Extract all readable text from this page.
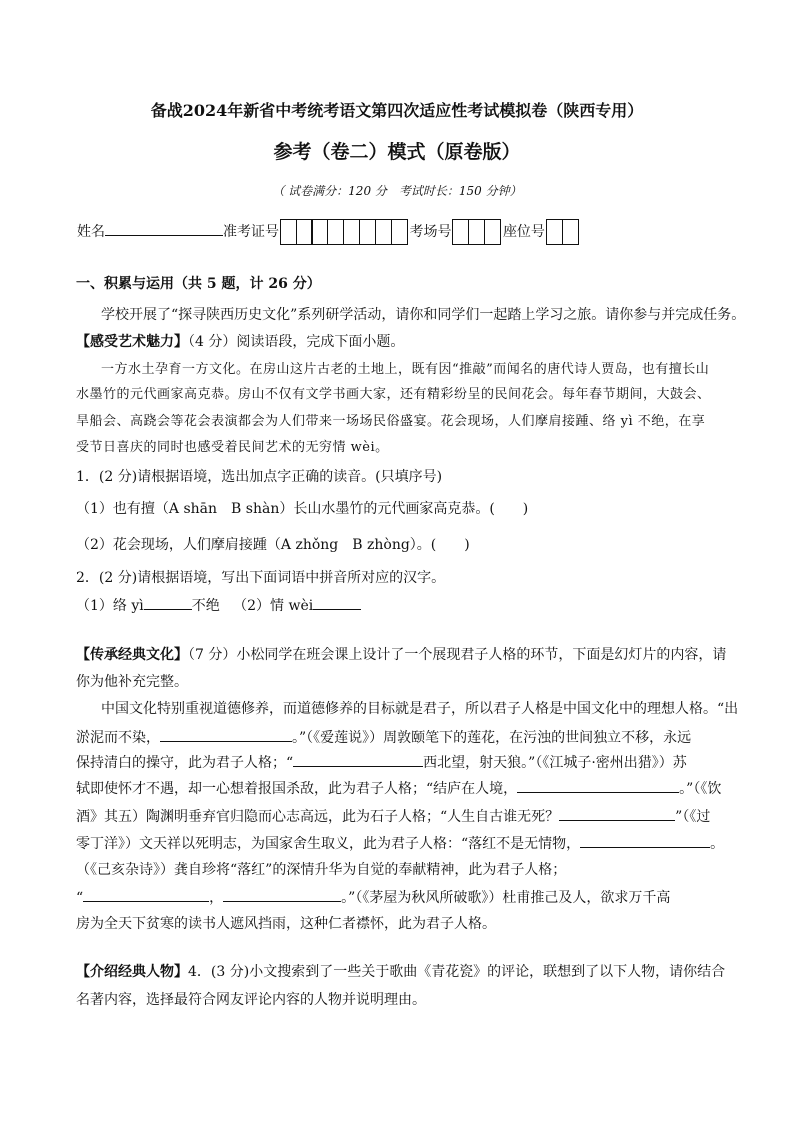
备战2024年新省中考统考语文第四次适应性考试模拟卷（陕西专用）
参考（卷二）模式（原卷版）
（ 试卷满分：120 分　考试时长：150 分钟）
姓名	准考证号	考场号	座位号
一、积累与运用（共 5 题，计 26 分）
学校开展了“探寻陕西历史文化”系列研学活动，请你和同学们一起踏上学习之旅。请你参与并完成任务。
【感受艺术魅力】（4 分）阅读语段，完成下面小题。
一方水土孕育一方文化。在房山这片古老的土地上，既有因“推敲”而闻名的唐代诗人贾岛，也有擅长山
水墨竹的元代画家高克恭。房山不仅有文学书画大家，还有精彩纷呈的民间花会。每年春节期间，大鼓会、
旱船会、高跷会等花会表演都会为人们带来一场场民俗盛宴。花会现场，人们摩肩接踵、络 yì 不绝，在享
受节日喜庆的同时也感受着民间艺术的无穷情 wèi。
1．(2 分)请根据语境，选出加点字正确的读音。(只填序号)
（1）也有擅（A shān　B shàn）长山水墨竹的元代画家高克恭。(　　)
（2）花会现场，人们摩肩接踵（A zhǒng　B zhòng）。(　　)
2．(2 分)请根据语境，写出下面词语中拼音所对应的汉字。
（1）络 yì	不绝 （2）情 wèi
【传承经典文化】（7 分）小松同学在班会课上设计了一个展现君子人格的环节，下面是幻灯片的内容，请
你为他补充完整。
中国文化特别重视道德修养，而道德修养的目标就是君子，所以君子人格是中国文化中的理想人格。“出
淤泥而不染，	。”（《爱莲说》）周敦颐笔下的莲花，在污浊的世间独立不移，永远
保持清白的操守，此为君子人格；“	西北望，射天狼。”（《江城子·密州出猎》）苏
轼即使怀才不遇，却一心想着报国杀敌，此为君子人格；“结庐在人境，	。”（《饮
酒》其五）陶渊明垂弃官归隐而心志高远，此为石子人格；“人生自古谁无死？	”（《过
零丁洋》）文天祥以死明志，为国家舍生取义，此为君子人格：“落红不是无情物，	。
（《己亥杂诗》）龚自珍将“落红”的深情升华为自觉的奉献精神，此为君子人格；
“	，	。”（《茅屋为秋风所破歌》）杜甫推己及人，欲求万千高
房为全天下贫寒的读书人遮风挡雨，这种仁者襟怀，此为君子人格。
【介绍经典人物】4．(3 分)小文搜索到了一些关于歌曲《青花瓷》的评论，联想到了以下人物，请你结合
名著内容，选择最符合网友评论内容的人物并说明理由。
